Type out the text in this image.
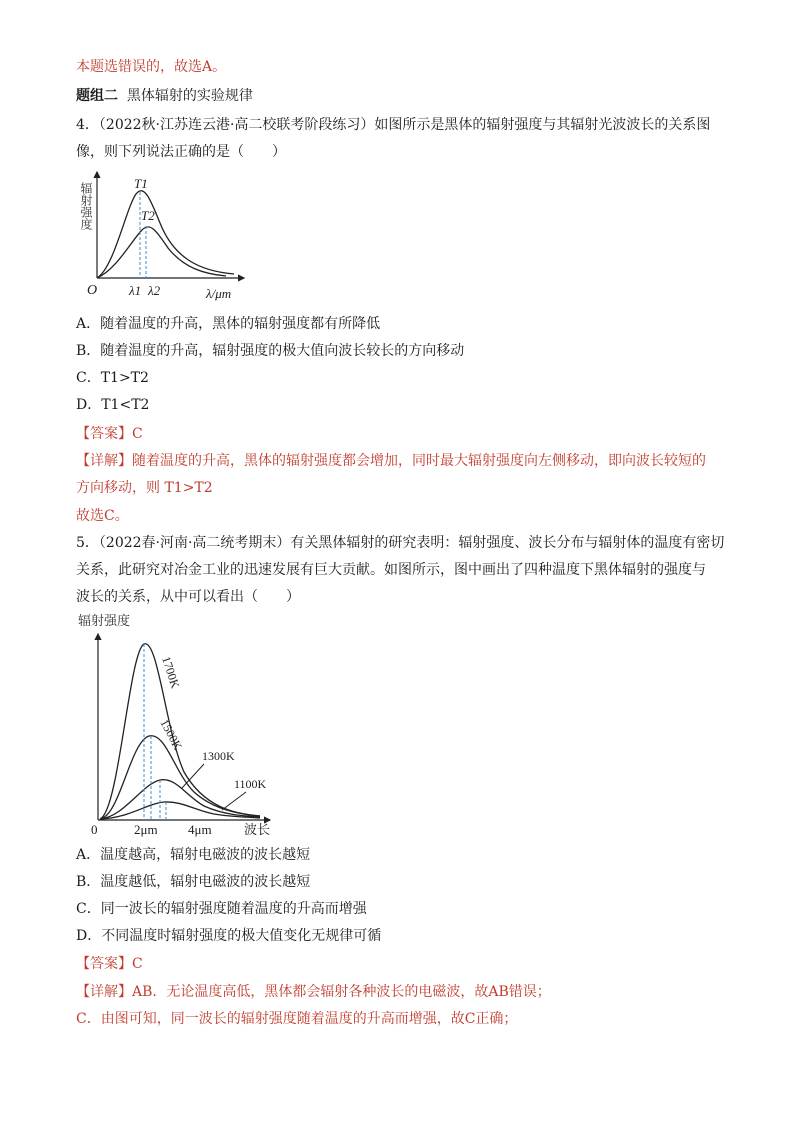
本题选错误的，故选A。
题组二 黑体辐射的实验规律
4．（2022秋·江苏连云港·高二校联考阶段练习）如图所示是黑体的辐射强度与其辐射光波波长的关系图
像，则下列说法正确的是（　　）
辐射强度	T1
T2
O λ1 λ2	λ/μm
A．随着温度的升高，黑体的辐射强度都有所降低
B．随着温度的升高，辐射强度的极大值向波长较长的方向移动
C．T1>T2
D．T1<T2
【答案】C
【详解】随着温度的升高，黑体的辐射强度都会增加，同时最大辐射强度向左侧移动，即向波长较短的
方向移动，则 T1>T2
故选C。
5．（2022春·河南·高二统考期末）有关黑体辐射的研究表明：辐射强度、波长分布与辐射体的温度有密切
关系，此研究对冶金工业的迅速发展有巨大贡献。如图所示，图中画出了四种温度下黑体辐射的强度与
波长的关系，从中可以看出（　　）
辐射强度
1700K
1500K
1300K
1100K
0	2μm 4μm 波长
A．温度越高，辐射电磁波的波长越短
B．温度越低，辐射电磁波的波长越短
C．同一波长的辐射强度随着温度的升高而增强
D．不同温度时辐射强度的极大值变化无规律可循
【答案】C
【详解】AB．无论温度高低，黑体都会辐射各种波长的电磁波，故AB错误；
C．由图可知，同一波长的辐射强度随着温度的升高而增强，故C正确；
